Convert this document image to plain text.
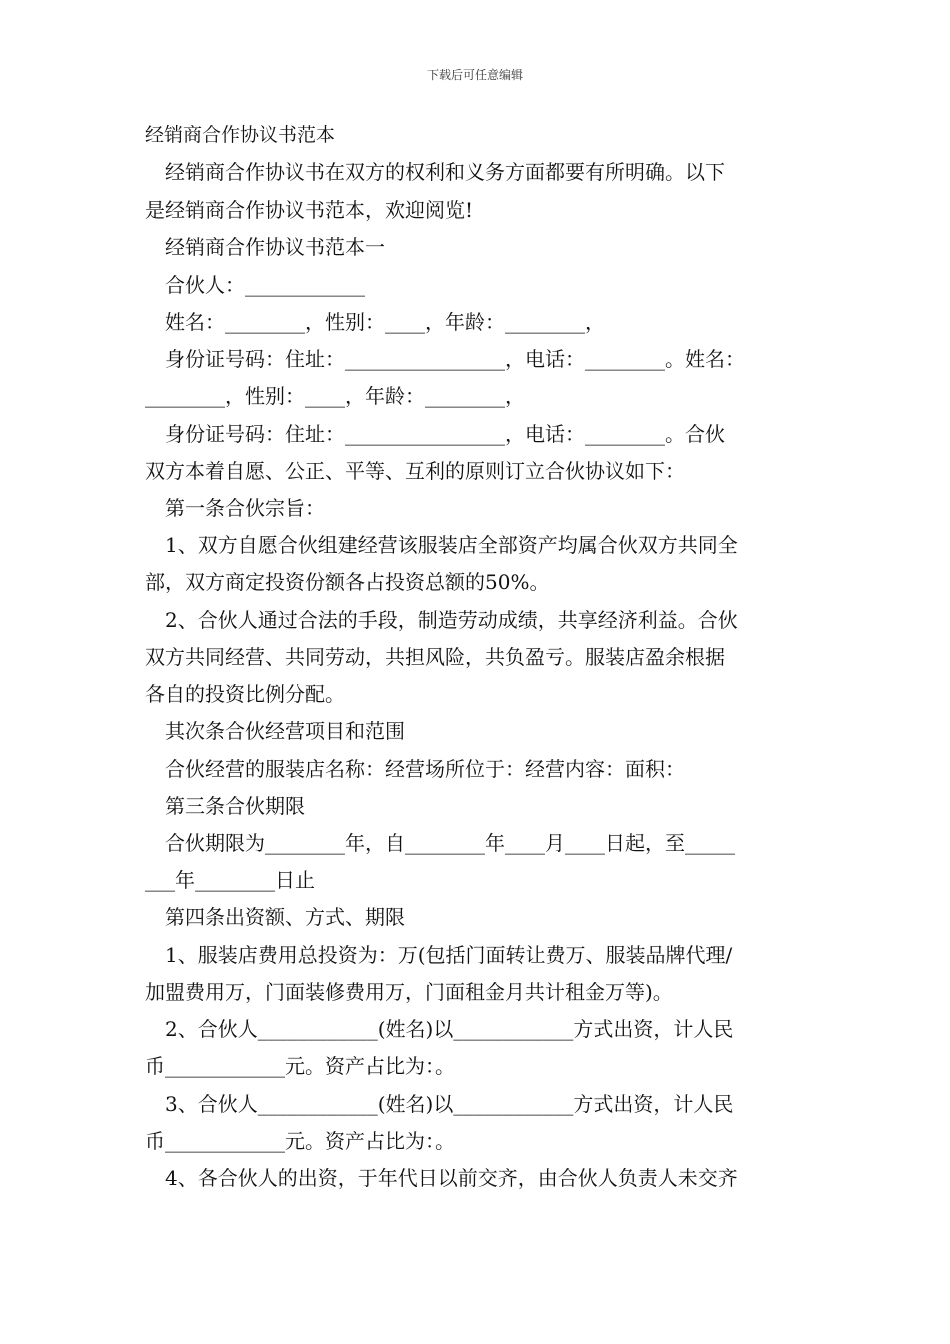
下载后可任意编辑
经销商合作协议书范本
　经销商合作协议书在双方的权利和义务方面都要有所明确。以下
是经销商合作协议书范本，欢迎阅览!
　经销商合作协议书范本一
　合伙人：____________
　姓名：________，性别：____，年龄：________，
　身份证号码：住址：________________，电话：________。姓名：
________，性别：____，年龄：________，
　身份证号码：住址：________________，电话：________。合伙
双方本着自愿、公正、平等、互利的原则订立合伙协议如下：
　第一条合伙宗旨：
　1、双方自愿合伙组建经营该服装店全部资产均属合伙双方共同全
部，双方商定投资份额各占投资总额的50%。
　2、合伙人通过合法的手段，制造劳动成绩，共享经济利益。合伙
双方共同经营、共同劳动，共担风险，共负盈亏。服装店盈余根据
各自的投资比例分配。
　其次条合伙经营项目和范围
　合伙经营的服装店名称：经营场所位于：经营内容：面积：
　第三条合伙期限
　合伙期限为________年，自________年____月____日起，至_____
___年________日止
　第四条出资额、方式、期限
　1、服装店费用总投资为：万(包括门面转让费万、服装品牌代理/
加盟费用万，门面装修费用万，门面租金月共计租金万等)。
　2、合伙人____________(姓名)以____________方式出资，计人民
币____________元。资产占比为：。
　3、合伙人____________(姓名)以____________方式出资，计人民
币____________元。资产占比为：。
　4、各合伙人的出资，于年代日以前交齐，由合伙人负责人未交齐
